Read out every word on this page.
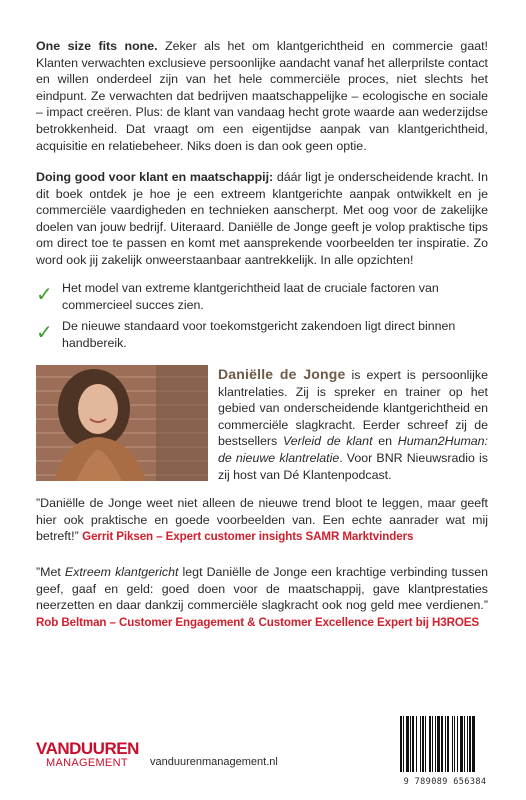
One size fits none. Zeker als het om klantgerichtheid en commercie gaat! Klanten verwachten exclusieve persoonlijke aandacht vanaf het allerprilste contact en willen onderdeel zijn van het hele commerciële proces, niet slechts het eindpunt. Ze verwachten dat bedrijven maatschappelijke – ecologische en sociale – impact creëren. Plus: de klant van vandaag hecht grote waarde aan wederzijdse betrokkenheid. Dat vraagt om een eigentijdse aanpak van klantgerichtheid, acquisitie en relatiebeheer. Niks doen is dan ook geen optie.
Doing good voor klant en maatschappij: dáár ligt je onderscheidende kracht. In dit boek ontdek je hoe je een extreem klantgerichte aanpak ontwikkelt en je commerciële vaardigheden en technieken aanscherpt. Met oog voor de zakelijke doelen van jouw bedrijf. Uiteraard. Daniëlle de Jonge geeft je volop praktische tips om direct toe te passen en komt met aansprekende voorbeelden ter inspiratie. Zo word ook jij zakelijk onweerstaanbaar aantrekkelijk. In alle opzichten!
✓ Het model van extreme klantgerichtheid laat de cruciale factoren van commercieel succes zien.
✓ De nieuwe standaard voor toekomstgericht zakendoen ligt direct binnen handbereik.
Daniëlle de Jonge is expert is persoonlijke klantrelaties. Zij is spreker en trainer op het gebied van onderscheidende klantgerichtheid en commerciële slagkracht. Eerder schreef zij de bestsellers Verleid de klant en Human2Human: de nieuwe klantrelatie. Voor BNR Nieuwsradio is zij host van Dé Klantenpodcast.
”Daniëlle de Jonge weet niet alleen de nieuwe trend bloot te leggen, maar geeft hier ook praktische en goede voorbeelden van. Een echte aanrader wat mij betreft!” Gerrit Piksen – Expert customer insights SAMR Marktvinders
”Met Extreem klantgericht legt Daniëlle de Jonge een krachtige verbinding tussen geef, gaaf en geld: goed doen voor de maatschappij, gave klantprestaties neerzetten en daar dankzij commerciële slagkracht ook nog geld mee verdienen.” Rob Beltman – Customer Engagement & Customer Excellence Expert bij H3ROES
VANDUUREN
MANAGEMENT	vanduurenmanagement.nl
9 789089 656384
